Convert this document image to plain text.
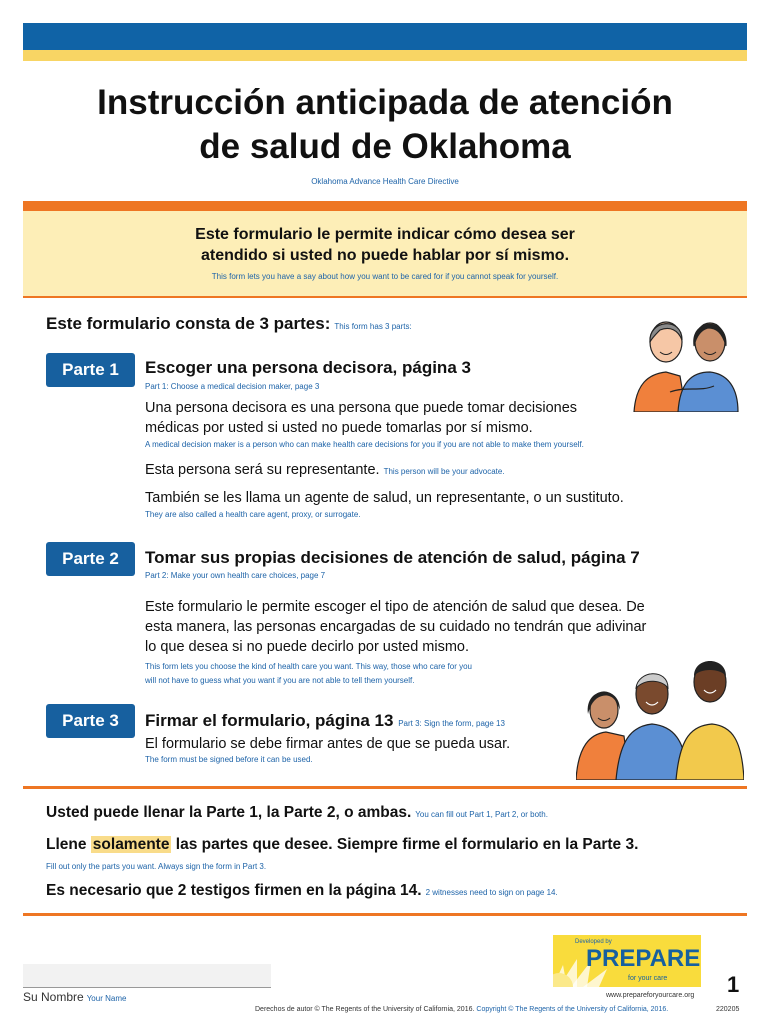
Instrucción anticipada de atención
de salud de Oklahoma
Oklahoma Advance Health Care Directive
Este formulario le permite indicar cómo desea ser
atendido si usted no puede hablar por sí mismo.
This form lets you have a say about how you want to be cared for if you cannot speak for yourself.
Este formulario consta de 3 partes: This form has 3 parts:
Parte 1	Escoger una persona decisora, página 3
Part 1: Choose a medical decision maker, page 3
Una persona decisora es una persona que puede tomar decisiones
médicas por usted si usted no puede tomarlas por sí mismo.
A medical decision maker is a person who can make health care decisions for you if you are not able to make them yourself.
Esta persona será su representante. This person will be your advocate.
También se les llama un agente de salud, un representante, o un sustituto.
They are also called a health care agent, proxy, or surrogate.
Parte 2	Tomar sus propias decisiones de atención de salud, página 7
Part 2: Make your own health care choices, page 7
Este formulario le permite escoger el tipo de atención de salud que desea. De
esta manera, las personas encargadas de su cuidado no tendrán que adivinar
lo que desea si no puede decirlo por usted mismo.
This form lets you choose the kind of health care you want. This way, those who care for you
will not have to guess what you want if you are not able to tell them yourself.
Parte 3	Firmar el formulario, página 13 Part 3: Sign the form, page 13
El formulario se debe firmar antes de que se pueda usar.
The form must be signed before it can be used.
Usted puede llenar la Parte 1, la Parte 2, o ambas. You can fill out Part 1, Part 2, or both.
Llene solamente las partes que desee. Siempre firme el formulario en la Parte 3.
Fill out only the parts you want. Always sign the form in Part 3.
Es necesario que 2 testigos firmen en la página 14. 2 witnesses need to sign on page 14.
Su Nombre Your Name
Developed by
PREPARE
for your care
www.prepareforyourcare.org 1
Derechos de autor © The Regents of the University of California, 2016. Copyright © The Regents of the University of California, 2016.	220205
